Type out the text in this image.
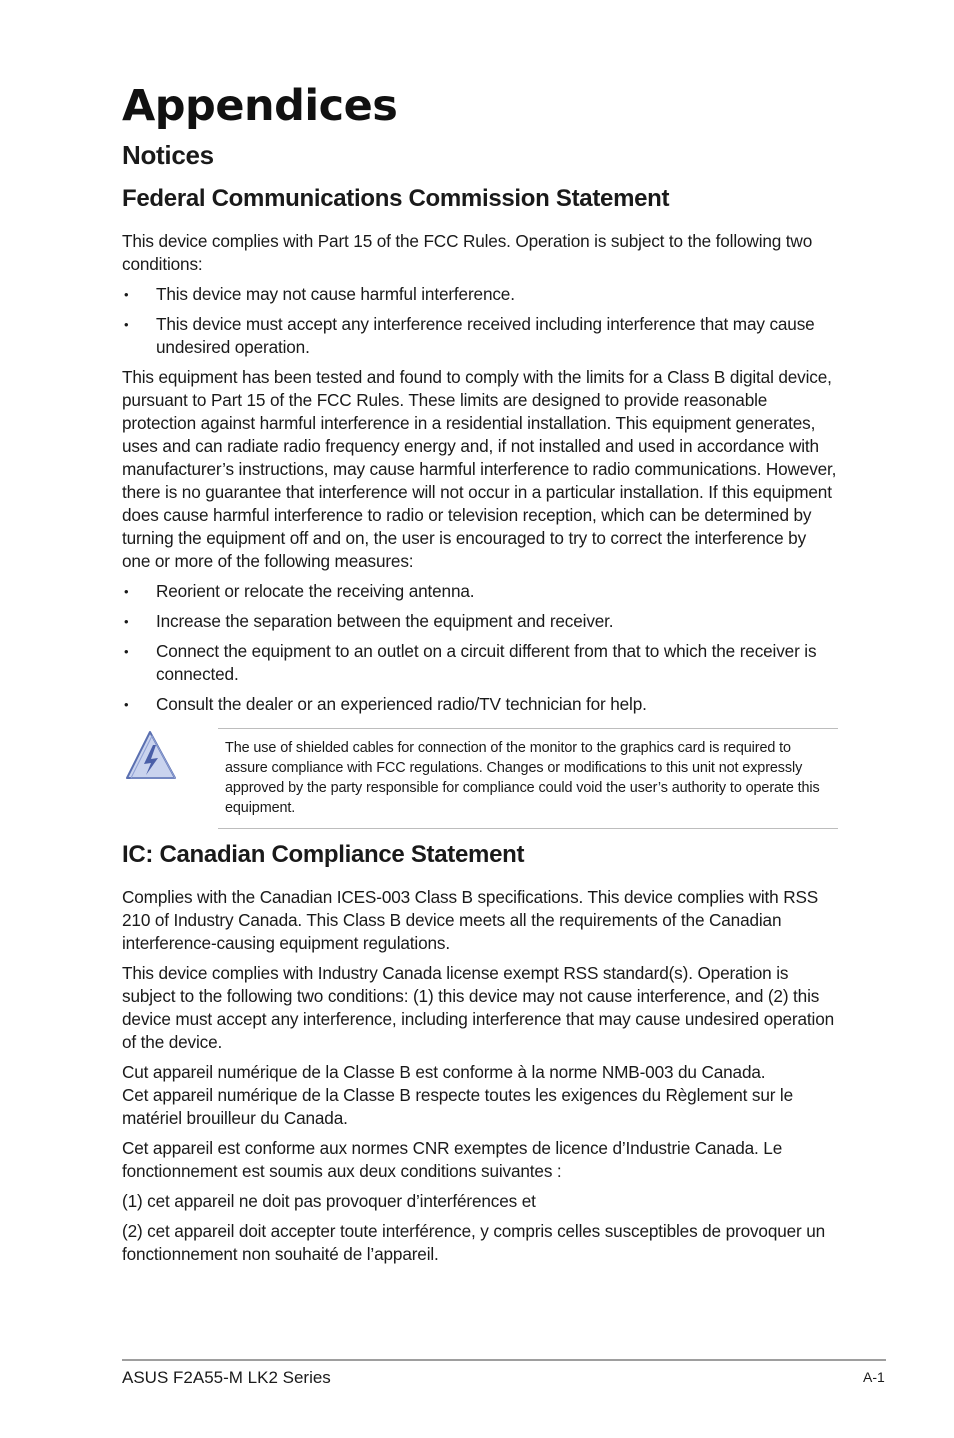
Appendices
Notices
Federal Communications Commission Statement

This device complies with Part 15 of the FCC Rules. Operation is subject to the following two conditions:

• This device may not cause harmful interference.
• This device must accept any interference received including interference that may cause undesired operation.

This equipment has been tested and found to comply with the limits for a Class B digital device, pursuant to Part 15 of the FCC Rules. These limits are designed to provide reasonable protection against harmful interference in a residential installation. This equipment generates, uses and can radiate radio frequency energy and, if not installed and used in accordance with manufacturer’s instructions, may cause harmful interference to radio communications. However, there is no guarantee that interference will not occur in a particular installation. If this equipment does cause harmful interference to radio or television reception, which can be determined by turning the equipment off and on, the user is encouraged to try to correct the interference by one or more of the following measures:

• Reorient or relocate the receiving antenna.
• Increase the separation between the equipment and receiver.
• Connect the equipment to an outlet on a circuit different from that to which the receiver is connected.
• Consult the dealer or an experienced radio/TV technician for help.

The use of shielded cables for connection of the monitor to the graphics card is required to assure compliance with FCC regulations. Changes or modifications to this unit not expressly approved by the party responsible for compliance could void the user’s authority to operate this equipment.

IC: Canadian Compliance Statement

Complies with the Canadian ICES-003 Class B specifications. This device complies with RSS 210 of Industry Canada. This Class B device meets all the requirements of the Canadian interference-causing equipment regulations.

This device complies with Industry Canada license exempt RSS standard(s). Operation is subject to the following two conditions: (1) this device may not cause interference, and (2) this device must accept any interference, including interference that may cause undesired operation of the device.

Cut appareil numérique de la Classe B est conforme à la norme NMB-003 du Canada.

Cet appareil numérique de la Classe B respecte toutes les exigences du Règlement sur le matériel brouilleur du Canada.

Cet appareil est conforme aux normes CNR exemptes de licence d’Industrie Canada. Le fonctionnement est soumis aux deux conditions suivantes :

(1) cet appareil ne doit pas provoquer d’interférences et

(2) cet appareil doit accepter toute interférence, y compris celles susceptibles de provoquer un fonctionnement non souhaité de l’appareil.

ASUS F2A55-M LK2 Series	A-1
